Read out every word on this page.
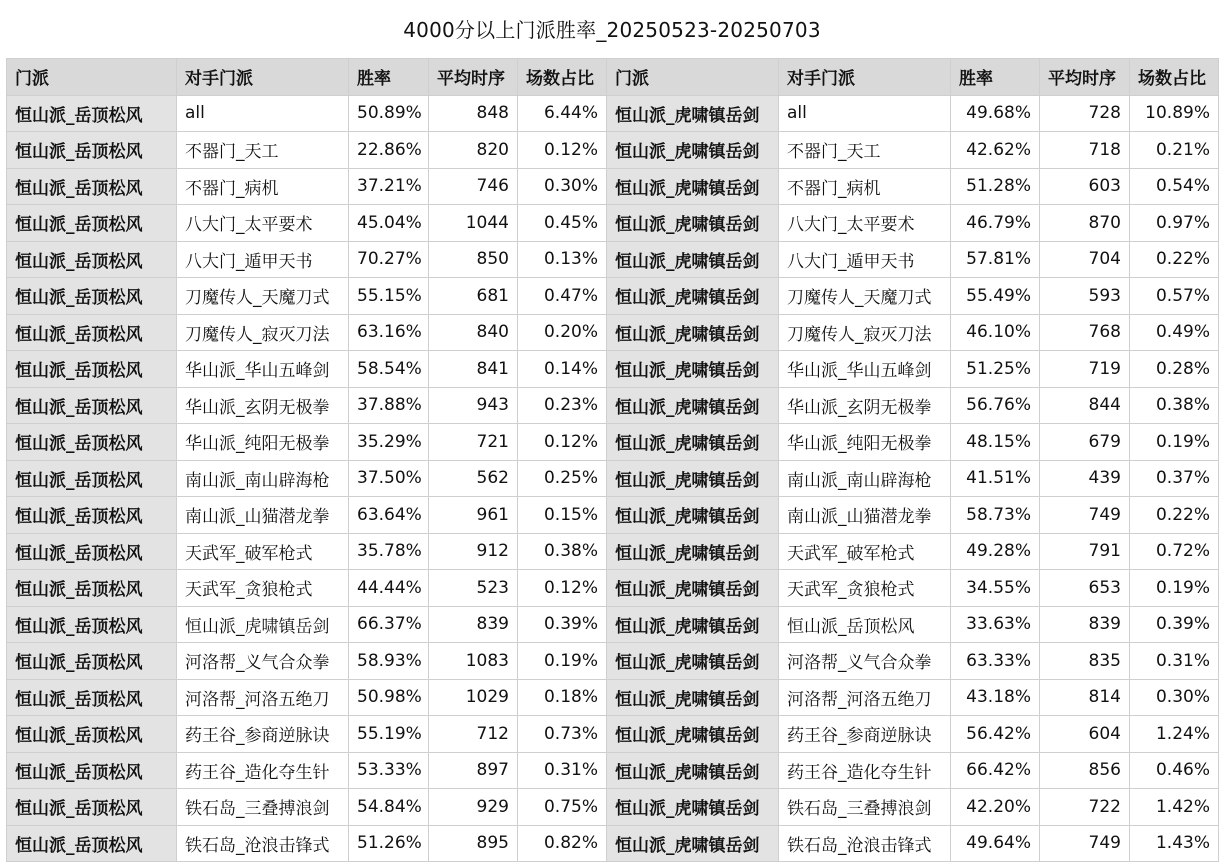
4000分以上门派胜率_20250523-20250703
门派	对手门派	胜率	平均时序	场数占比	门派	对手门派	胜率	平均时序	场数占比
恒山派_岳顶松风	all	50.89%	848	6.44%	恒山派_虎啸镇岳剑	all	49.68%	728	10.89%
恒山派_岳顶松风	不器门_天工	22.86%	820	0.12%	恒山派_虎啸镇岳剑	不器门_天工	42.62%	718	0.21%
恒山派_岳顶松风	不器门_病机	37.21%	746	0.30%	恒山派_虎啸镇岳剑	不器门_病机	51.28%	603	0.54%
恒山派_岳顶松风	八大门_太平要术	45.04%	1044	0.45%	恒山派_虎啸镇岳剑	八大门_太平要术	46.79%	870	0.97%
恒山派_岳顶松风	八大门_遁甲天书	70.27%	850	0.13%	恒山派_虎啸镇岳剑	八大门_遁甲天书	57.81%	704	0.22%
恒山派_岳顶松风	刀魔传人_天魔刀式	55.15%	681	0.47%	恒山派_虎啸镇岳剑	刀魔传人_天魔刀式	55.49%	593	0.57%
恒山派_岳顶松风	刀魔传人_寂灭刀法	63.16%	840	0.20%	恒山派_虎啸镇岳剑	刀魔传人_寂灭刀法	46.10%	768	0.49%
恒山派_岳顶松风	华山派_华山五峰剑	58.54%	841	0.14%	恒山派_虎啸镇岳剑	华山派_华山五峰剑	51.25%	719	0.28%
恒山派_岳顶松风	华山派_玄阴无极拳	37.88%	943	0.23%	恒山派_虎啸镇岳剑	华山派_玄阴无极拳	56.76%	844	0.38%
恒山派_岳顶松风	华山派_纯阳无极拳	35.29%	721	0.12%	恒山派_虎啸镇岳剑	华山派_纯阳无极拳	48.15%	679	0.19%
恒山派_岳顶松风	南山派_南山辟海枪	37.50%	562	0.25%	恒山派_虎啸镇岳剑	南山派_南山辟海枪	41.51%	439	0.37%
恒山派_岳顶松风	南山派_山猫潜龙拳	63.64%	961	0.15%	恒山派_虎啸镇岳剑	南山派_山猫潜龙拳	58.73%	749	0.22%
恒山派_岳顶松风	天武军_破军枪式	35.78%	912	0.38%	恒山派_虎啸镇岳剑	天武军_破军枪式	49.28%	791	0.72%
恒山派_岳顶松风	天武军_贪狼枪式	44.44%	523	0.12%	恒山派_虎啸镇岳剑	天武军_贪狼枪式	34.55%	653	0.19%
恒山派_岳顶松风	恒山派_虎啸镇岳剑	66.37%	839	0.39%	恒山派_虎啸镇岳剑	恒山派_岳顶松风	33.63%	839	0.39%
恒山派_岳顶松风	河洛帮_义气合众拳	58.93%	1083	0.19%	恒山派_虎啸镇岳剑	河洛帮_义气合众拳	63.33%	835	0.31%
恒山派_岳顶松风	河洛帮_河洛五绝刀	50.98%	1029	0.18%	恒山派_虎啸镇岳剑	河洛帮_河洛五绝刀	43.18%	814	0.30%
恒山派_岳顶松风	药王谷_参商逆脉诀	55.19%	712	0.73%	恒山派_虎啸镇岳剑	药王谷_参商逆脉诀	56.42%	604	1.24%
恒山派_岳顶松风	药王谷_造化夺生针	53.33%	897	0.31%	恒山派_虎啸镇岳剑	药王谷_造化夺生针	66.42%	856	0.46%
恒山派_岳顶松风	铁石岛_三叠搏浪剑	54.84%	929	0.75%	恒山派_虎啸镇岳剑	铁石岛_三叠搏浪剑	42.20%	722	1.42%
恒山派_岳顶松风	铁石岛_沧浪击锋式	51.26%	895	0.82%	恒山派_虎啸镇岳剑	铁石岛_沧浪击锋式	49.64%	749	1.43%
